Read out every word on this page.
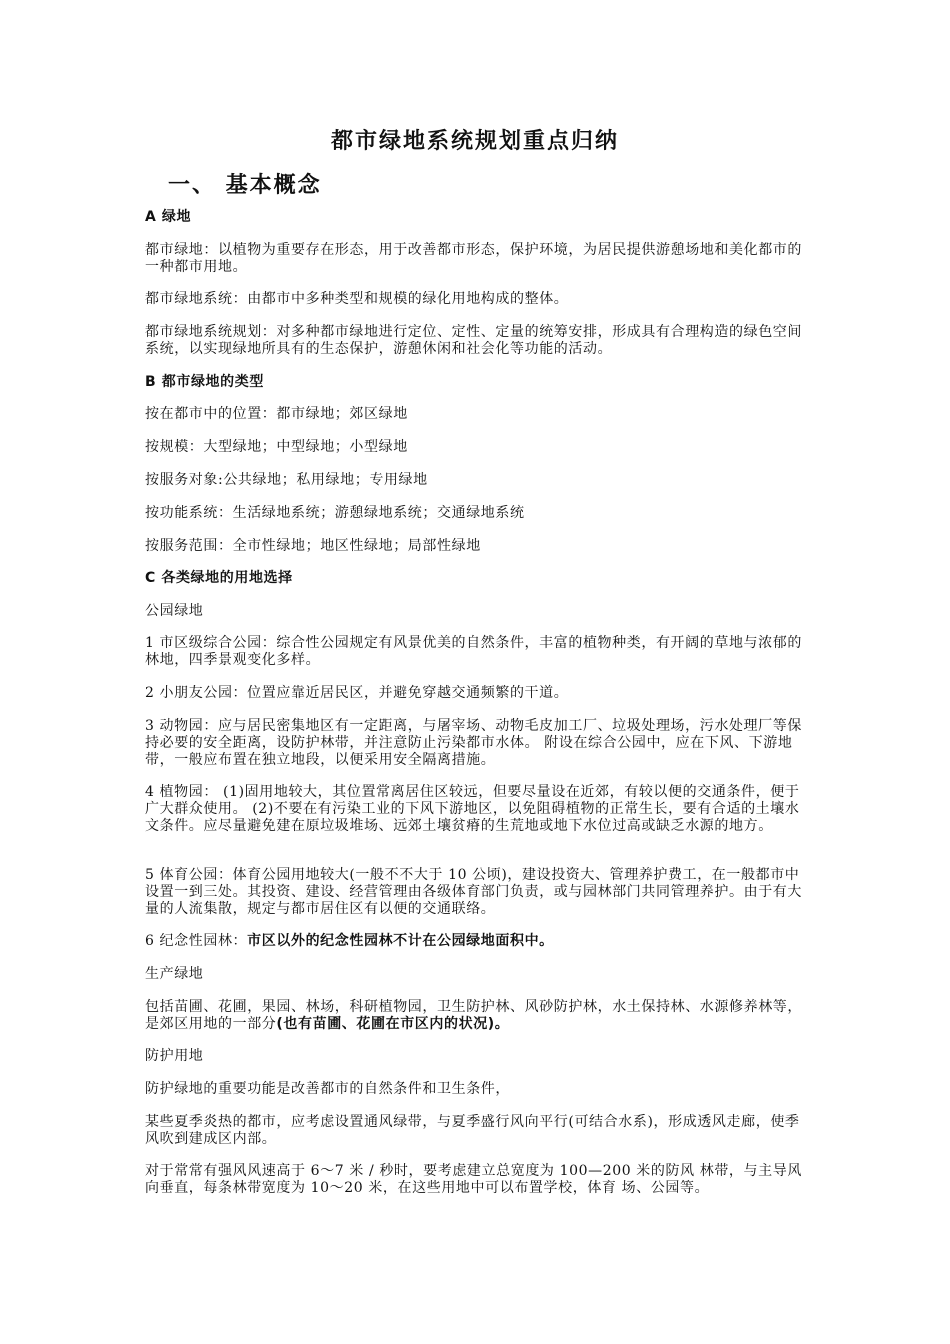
都市绿地系统规划重点归纳
一、 基本概念
A 绿地
都市绿地：以植物为重要存在形态，用于改善都市形态，保护环境，为居民提供游憩场地和美化都市的一种都市用地。
都市绿地系统：由都市中多种类型和规模的绿化用地构成的整体。
都市绿地系统规划：对多种都市绿地进行定位、定性、定量的统筹安排，形成具有合理构造的绿色空间系统，以实现绿地所具有的生态保护，游憩休闲和社会化等功能的活动。
B 都市绿地的类型
按在都市中的位置：都市绿地；郊区绿地
按规模：大型绿地；中型绿地；小型绿地
按服务对象:公共绿地；私用绿地；专用绿地
按功能系统：生活绿地系统；游憩绿地系统；交通绿地系统
按服务范围：全市性绿地；地区性绿地；局部性绿地
C 各类绿地的用地选择
公园绿地
1 市区级综合公园：综合性公园规定有风景优美的自然条件，丰富的植物种类，有开阔的草地与浓郁的林地，四季景观变化多样。
2 小朋友公园：位置应靠近居民区，并避免穿越交通频繁的干道。
3 动物园：应与居民密集地区有一定距离，与屠宰场、动物毛皮加工厂、垃圾处理场，污水处理厂等保持必要的安全距离，设防护林带，并注意防止污染都市水体。 附设在综合公园中，应在下风、下游地带，一般应布置在独立地段，以便采用安全隔离措施。
4 植物园： (1)固用地较大，其位置常离居住区较远，但要尽量设在近郊，有较以便的交通条件，便于广大群众使用。 (2)不要在有污染工业的下风下游地区，以免阻碍植物的正常生长，要有合适的土壤水文条件。应尽量避免建在原垃圾堆场、远郊土壤贫瘠的生荒地或地下水位过高或缺乏水源的地方。
5 体育公园：体育公园用地较大(一般不不大于 10 公顷)，建设投资大、管理养护费工，在一般都市中设置一到三处。其投资、建设、经营管理由各级体育部门负责，或与园林部门共同管理养护。由于有大量的人流集散，规定与都市居住区有以便的交通联络。
6 纪念性园林：市区以外的纪念性园林不计在公园绿地面积中。
生产绿地
包括苗圃、花圃，果园、林场，科研植物园，卫生防护林、风砂防护林，水土保持林、水源修养林等，是郊区用地的一部分(也有苗圃、花圃在市区内的状况)。
防护用地
防护绿地的重要功能是改善都市的自然条件和卫生条件，
某些夏季炎热的都市，应考虑设置通风绿带，与夏季盛行风向平行(可结合水系)，形成透风走廊，使季风吹到建成区内部。
对于常常有强风风速高于 6～7 米 / 秒时，要考虑建立总宽度为 100—200 米的防风 林带，与主导风向垂直，每条林带宽度为 10～20 米，在这些用地中可以布置学校，体育 场、公园等。
